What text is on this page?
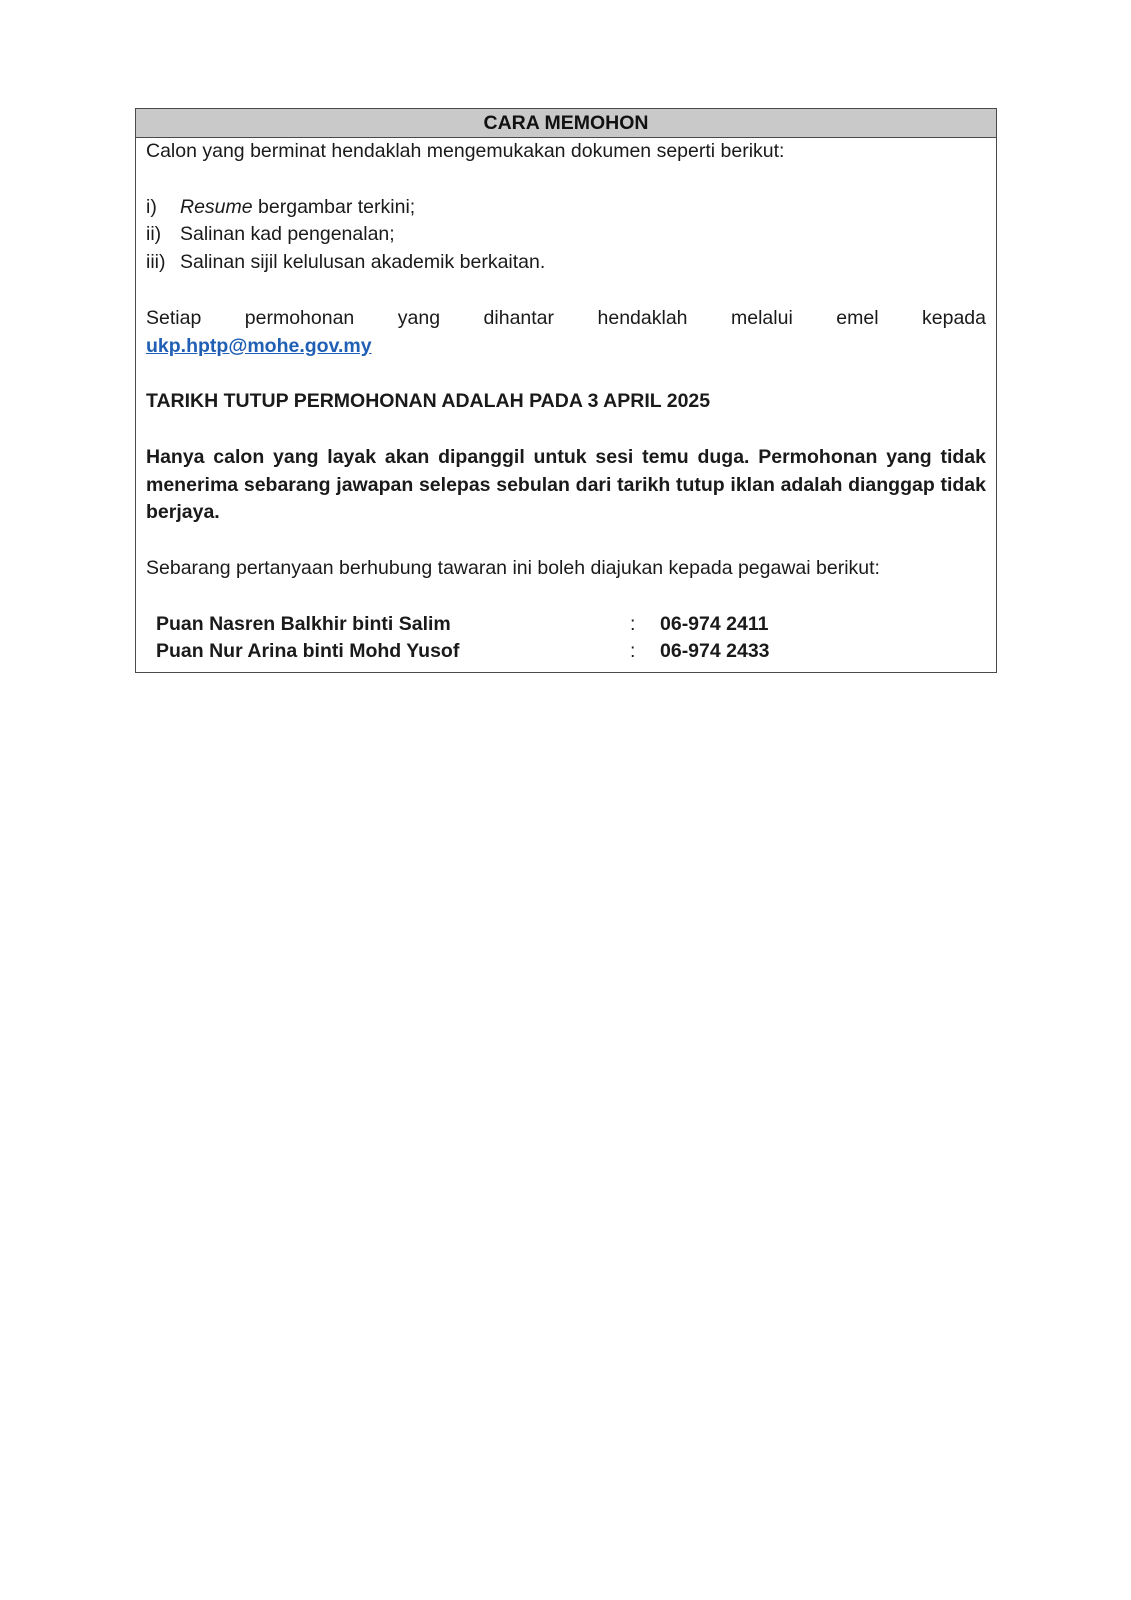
CARA MEMOHON

Calon yang berminat hendaklah mengemukakan dokumen seperti berikut:

i)	Resume bergambar terkini;
ii) Salinan kad pengenalan;
iii) Salinan sijil kelulusan akademik berkaitan.

Setiap permohonan yang dihantar hendaklah melalui emel kepada

ukp.hptp@mohe.gov.my

TARIKH TUTUP PERMOHONAN ADALAH PADA 3 APRIL 2025

Hanya calon yang layak akan dipanggil untuk sesi temu duga. Permohonan yang tidak menerima sebarang jawapan selepas sebulan dari tarikh tutup iklan adalah dianggap tidak berjaya.

Sebarang pertanyaan berhubung tawaran ini boleh diajukan kepada pegawai berikut:

Puan Nasren Balkhir binti Salim	:	06-974 2411
Puan Nur Arina binti Mohd Yusof	:	06-974 2433
